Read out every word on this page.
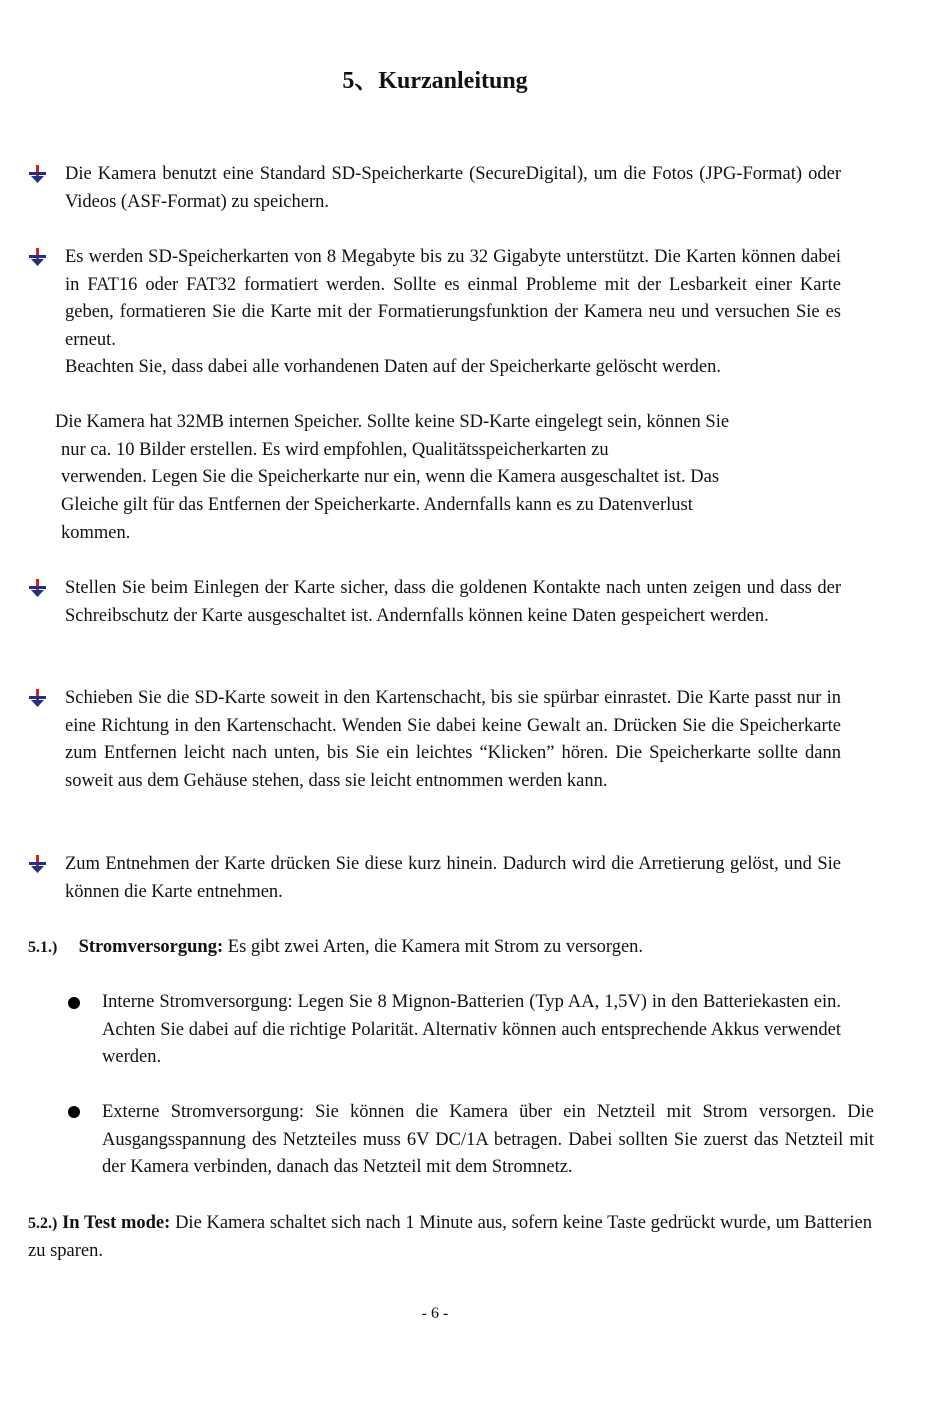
5、Kurzanleitung
Die Kamera benutzt eine Standard SD-Speicherkarte (SecureDigital), um die Fotos (JPG-Format) oder Videos (ASF-Format) zu speichern.
Es werden SD-Speicherkarten von 8 Megabyte bis zu 32 Gigabyte unterstützt. Die Karten können dabei in FAT16 oder FAT32 formatiert werden. Sollte es einmal Probleme mit der Lesbarkeit einer Karte geben, formatieren Sie die Karte mit der Formatierungsfunktion der Kamera neu und versuchen Sie es erneut.
Beachten Sie, dass dabei alle vorhandenen Daten auf der Speicherkarte gelöscht werden.
Die Kamera hat 32MB internen Speicher. Sollte keine SD-Karte eingelegt sein, können Sie
nur ca. 10 Bilder erstellen. Es wird empfohlen, Qualitätsspeicherkarten zu
verwenden. Legen Sie die Speicherkarte nur ein, wenn die Kamera ausgeschaltet ist. Das
Gleiche gilt für das Entfernen der Speicherkarte. Andernfalls kann es zu Datenverlust
kommen.
Stellen Sie beim Einlegen der Karte sicher, dass die goldenen Kontakte nach unten zeigen und dass der Schreibschutz der Karte ausgeschaltet ist. Andernfalls können keine Daten gespeichert werden.
Schieben Sie die SD-Karte soweit in den Kartenschacht, bis sie spürbar einrastet. Die Karte passt nur in eine Richtung in den Kartenschacht. Wenden Sie dabei keine Gewalt an. Drücken Sie die Speicherkarte zum Entfernen leicht nach unten, bis Sie ein leichtes “Klicken” hören. Die Speicherkarte sollte dann soweit aus dem Gehäuse stehen, dass sie leicht entnommen werden kann.
Zum Entnehmen der Karte drücken Sie diese kurz hinein. Dadurch wird die Arretierung gelöst, und Sie können die Karte entnehmen.
5.1.) Stromversorgung: Es gibt zwei Arten, die Kamera mit Strom zu versorgen.
Interne Stromversorgung: Legen Sie 8 Mignon-Batterien (Typ AA, 1,5V) in den Batteriekasten ein. Achten Sie dabei auf die richtige Polarität. Alternativ können auch entsprechende Akkus verwendet werden.
Externe Stromversorgung: Sie können die Kamera über ein Netzteil mit Strom versorgen. Die Ausgangsspannung des Netzteiles muss 6V DC/1A betragen. Dabei sollten Sie zuerst das Netzteil mit der Kamera verbinden, danach das Netzteil mit dem Stromnetz.
5.2.) In Test mode: Die Kamera schaltet sich nach 1 Minute aus, sofern keine Taste gedrückt wurde, um Batterien zu sparen.
- 6 -
